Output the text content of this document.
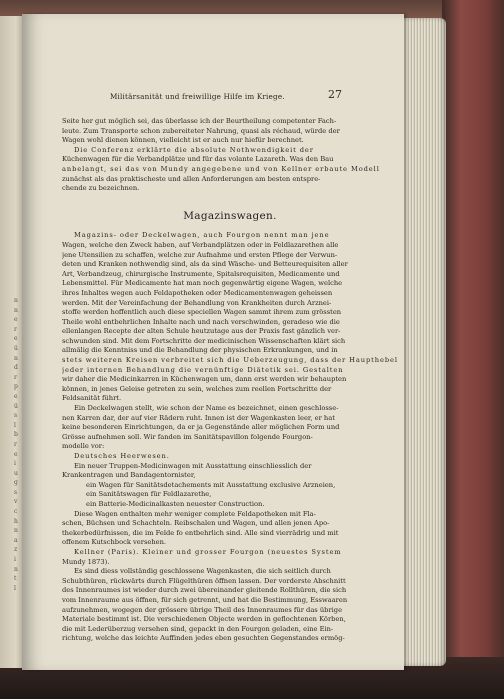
n
n
e
r
e
ü
n
d
r
p
e
ü
s
l
b
r
e
i
u
g
s
v
c
h
n
a
z
i
n
t
l
Militärsanität und freiwillige Hilfe im Kriege.	27
Seite her gut möglich sei, das überlasse ich der Beurtheilung competenter Fach-
leute. Zum Transporte schon zubereiteter Nahrung, quasi als réchaud, würde der
Wagen wohl dienen können, vielleicht ist er auch nur hiefür berechnet.
Die Conferenz erklärte die absolute Nothwendigkeit der
Küchenwagen für die Verbandplätze und für das volante Lazareth. Was den Bau
anbelangt, sei das von Mundy angegebene und von Kellner erbaute Modell
zunächst als das praktischeste und allen Anforderungen am besten entspre-
chende zu bezeichnen.
Magazinswagen.
Magazins- oder Deckelwagen, auch Fourgon nennt man jene
Wagen, welche den Zweck haben, auf Verbandplätzen oder in Feldlazarethen alle
jene Utensilien zu schaffen, welche zur Aufnahme und ersten Pflege der Verwun-
deten und Kranken nothwendig sind, als da sind Wäsche- und Betteurequisiten aller
Art, Verbandzeug, chirurgische Instrumente, Spitalsrequisiten, Medicamente und
Lebensmittel. Für Medicamente hat man noch gegenwärtig eigene Wagen, welche
ihres Inhaltes wegen auch Feldapotheken oder Medicamentenwagen geheissen
werden. Mit der Vereinfachung der Behandlung von Krankheiten durch Arznei-
stoffe werden hoffentlich auch diese speciellen Wagen sammt ihrem zum grössten
Theile wohl entbehrlichen Inhalte nach und nach verschwinden, geradeso wie die
ellenlangen Recepte der alten Schule heutzutage aus der Praxis fast gänzlich ver-
schwunden sind. Mit dem Fortschritte der medicinischen Wissenschaften klärt sich
allmälig die Kenntniss und die Behandlung der physischen Erkrankungen, und in
stets weiteren Kreisen verbreitet sich die Ueberzeugung, dass der Haupthebel
jeder internen Behandlung die vernünftige Diätetik sei. Gestalten
wir daher die Medicinkarren in Küchenwagen um, dann erst werden wir behaupten
können, in jenes Geleise getreten zu sein, welches zum reellen Fortschritte der
Feldsanität führt.
Ein Deckelwagen stellt, wie schon der Name es bezeichnet, einen geschlosse-
nen Karren dar, der auf vier Rädern ruht. Innen ist der Wagenkasten leer, er hat
keine besonderen Einrichtungen, da er ja Gegenstände aller möglichen Form und
Grösse aufnehmen soll. Wir fanden im Sanitätspavillon folgende Fourgon-
modelle vor:
Deutsches Heerwesen.
Ein neuer Truppen-Medicinwagen mit Ausstattung einschliesslich der
Krankentragen und Bandagentornister,
ein Wagen für Sanitätsdetachements mit Ausstattung exclusive Arzneien,
ein Sanitätswagen für Feldlazarethe,
ein Batterie-Medicinalkasten neuester Construction.
Diese Wagen enthalten mehr weniger complete Feldapotheken mit Fla-
schen, Büchsen und Schachteln. Reibschalen und Wagen, und allen jenen Apo-
thekerbedürfnissen, die im Felde fo entbehrlich sind. Alle sind vierrädrig und mit
offenem Kutschbock versehen.
Kellner (Paris). Kleiner und grosser Fourgon (neuestes System
Mundy 1873).
Es sind diess vollständig geschlossene Wagenkasten, die sich seitlich durch
Schubthüren, rückwärts durch Flügelthüren öffnen lassen. Der vorderste Abschnitt
des Innenraumes ist wieder durch zwei übereinander gleitende Rollthüren, die sich
vom Innenraume aus öffnen, für sich getrennt, und hat die Bestimmung, Esswaaren
aufzunehmen, wogegen der grössere übrige Theil des Innenraumes für das übrige
Materiale bestimmt ist. Die verschiedenen Objecte werden in geflochtenen Körben,
die mit Lederüberzug versehen sind, gepackt in den Fourgon geladen, eine Ein-
richtung, welche das leichte Auffinden jedes eben gesuchten Gegenstandes ermög-
